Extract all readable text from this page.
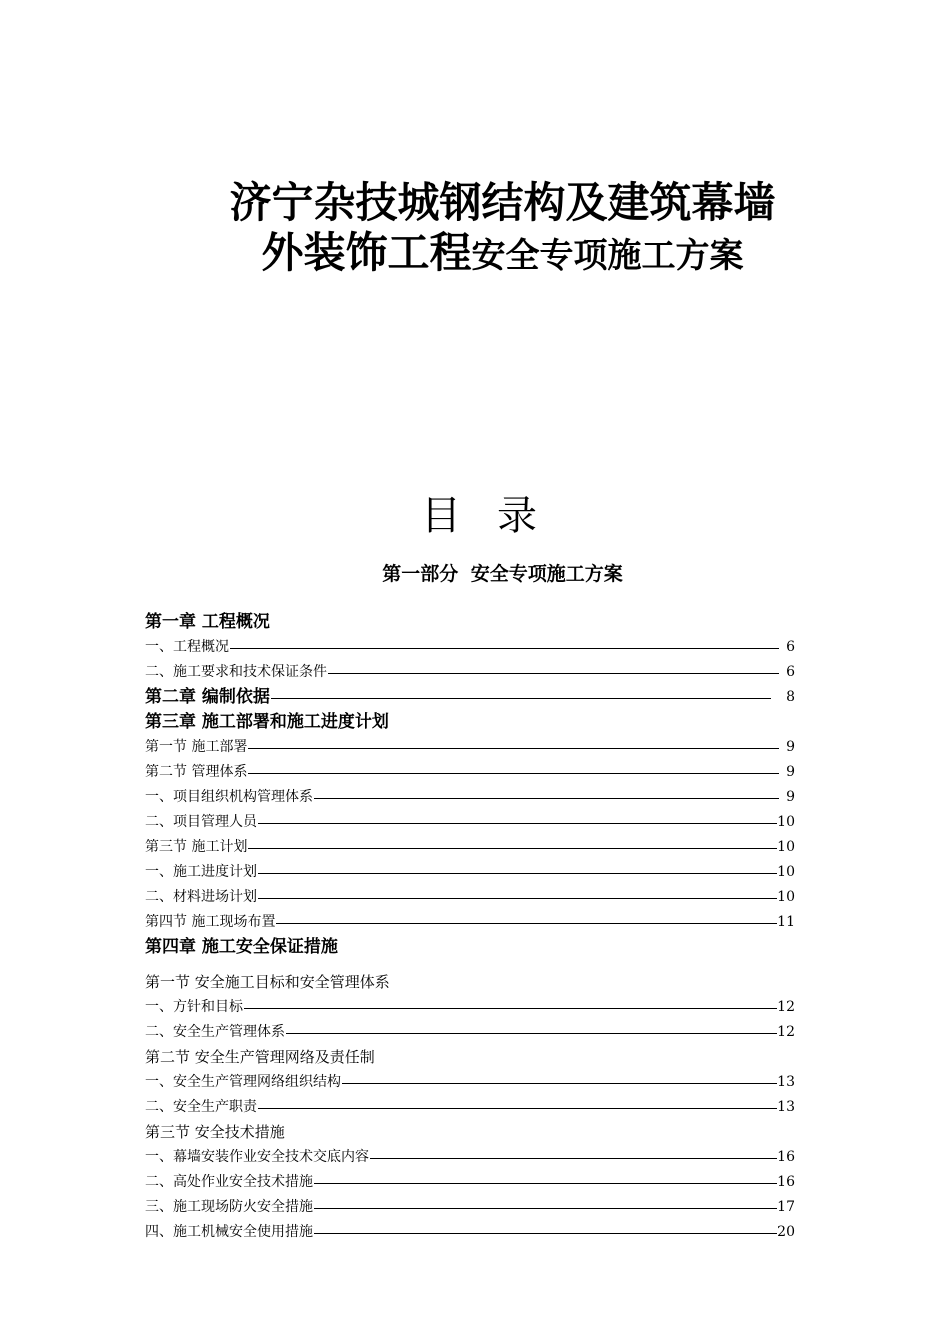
济宁杂技城钢结构及建筑幕墙
外装饰工程安全专项施工方案
目录
第一部分 安全专项施工方案
第一章 工程概况
一、工程概况	6
二、施工要求和技术保证条件	6
第二章 编制依据	8
第三章 施工部署和施工进度计划
第一节 施工部署	9
第二节 管理体系	9
一、项目组织机构管理体系	9
二、项目管理人员	10
第三节 施工计划	10
一、施工进度计划	10
二、材料进场计划	10
第四节 施工现场布置	11
第四章 施工安全保证措施
第一节 安全施工目标和安全管理体系
一、方针和目标	12
二、安全生产管理体系	12
第二节 安全生产管理网络及责任制
一、安全生产管理网络组织结构	13
二、安全生产职责	13
第三节 安全技术措施
一、幕墙安装作业安全技术交底内容	16
二、高处作业安全技术措施	16
三、施工现场防火安全措施	17
四、施工机械安全使用措施	20
